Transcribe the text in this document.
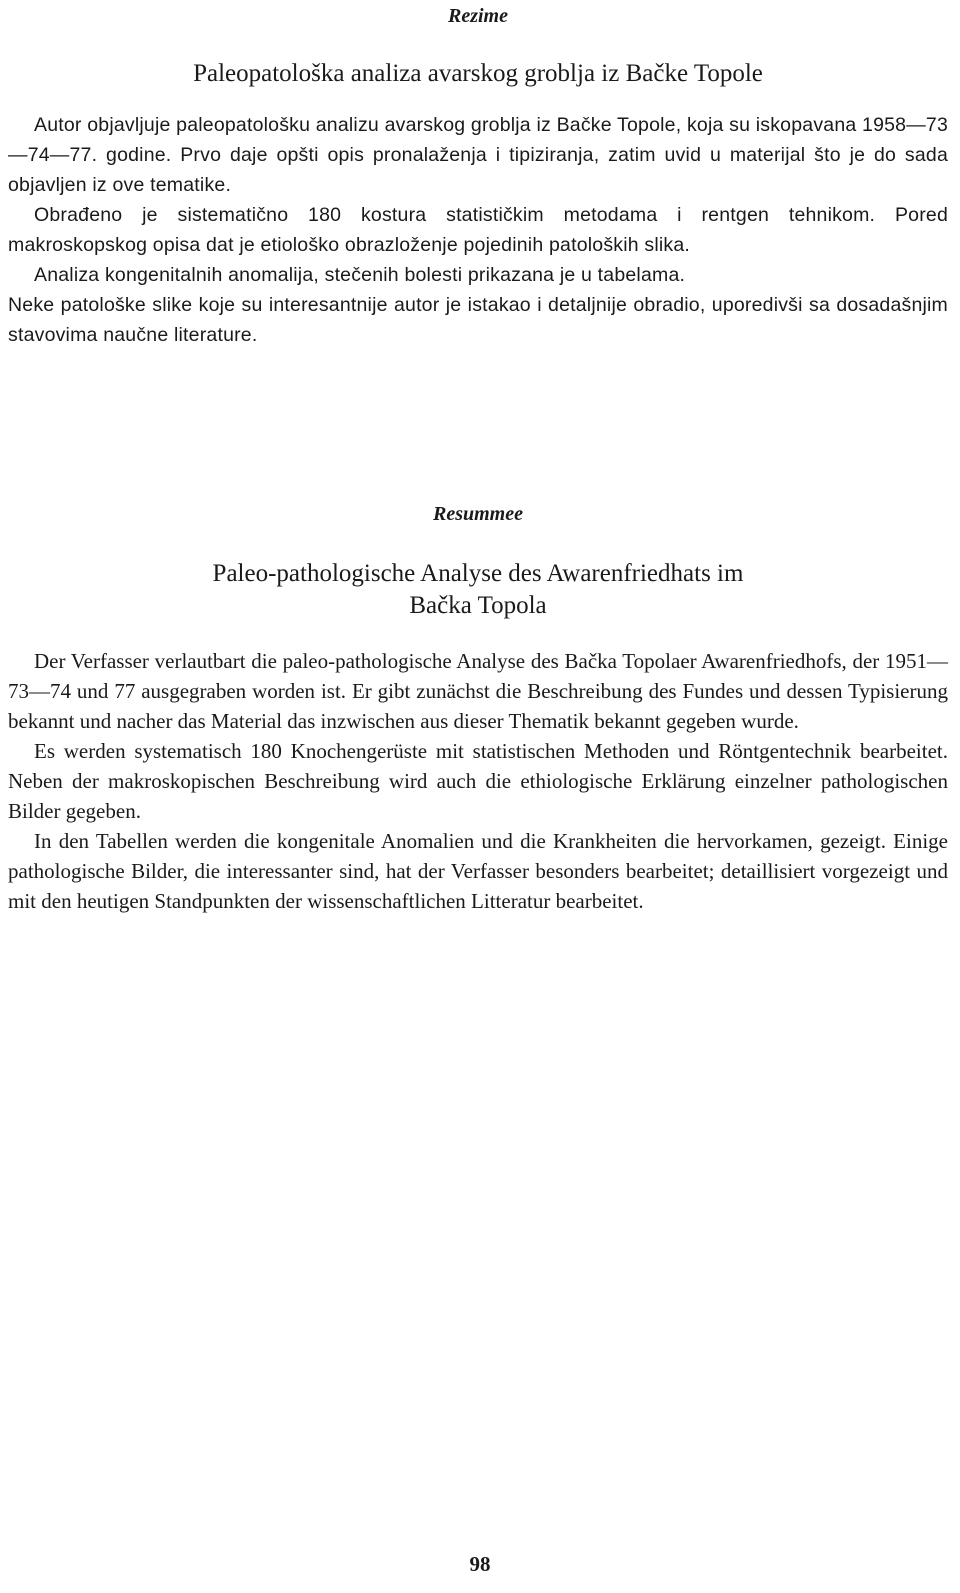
Rezime

Paleopatološka analiza avarskog groblja iz Bačke Topole

Autor objavljuje paleopatološku analizu avarskog groblja iz Bačke Topole, koja su iskopavana 1958—73—74—77. godine. Prvo daje opšti opis pronalaženja i tipiziranja, zatim uvid u materijal što je do sada objavljen iz ove tematike.

Obrađeno je sistematično 180 kostura statističkim metodama i rentgen tehnikom. Pored makroskopskog opisa dat je etiološko obrazloženje pojedinih patoloških slika.

Analiza kongenitalnih anomalija, stečenih bolesti prikazana je u tabelama.

Neke patološke slike koje su interesantnije autor je istakao i detaljnije obradio, uporedivši sa dosadašnjim stavovima naučne literature.

Resummee

Paleo-pathologische Analyse des Awarenfriedhats im
Bačka Topola

Der Verfasser verlautbart die paleo-pathologische Analyse des Bačka Topolaer Awarenfriedhofs, der 1951—73—74 und 77 ausgegraben worden ist. Er gibt zunächst die Beschreibung des Fundes und dessen Typisierung bekannt und nacher das Material das inzwischen aus dieser Thematik bekannt gegeben wurde.

Es werden systematisch 180 Knochengerüste mit statistischen Methoden und Röntgentechnik bearbeitet. Neben der makroskopischen Beschreibung wird auch die ethiologische Erklärung einzelner pathologischen Bilder gegeben.

In den Tabellen werden die kongenitale Anomalien und die Krankheiten die hervorkamen, gezeigt. Einige pathologische Bilder, die interessanter sind, hat der Verfasser besonders bearbeitet; detaillisiert vorgezeigt und mit den heutigen Standpunkten der wissenschaftlichen Litteratur bearbeitet.

98
